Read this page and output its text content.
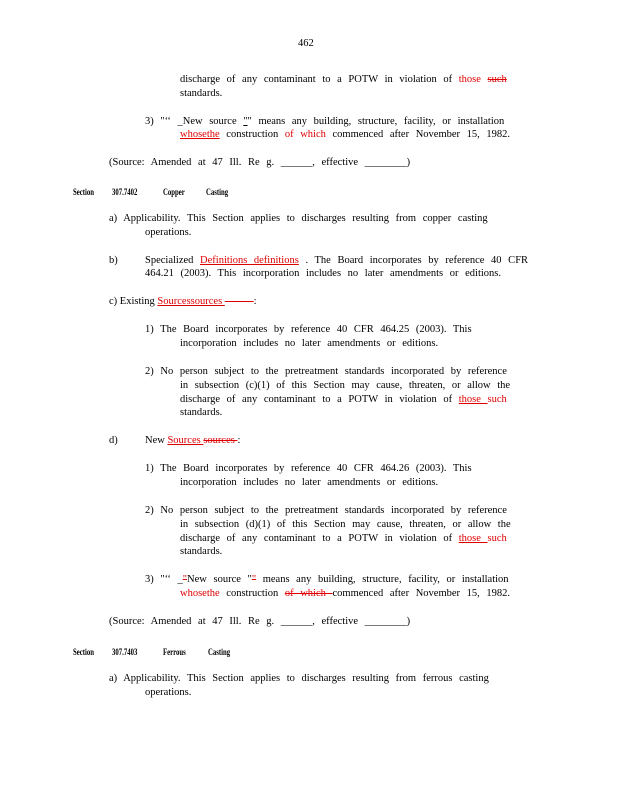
462
discharge of any contaminant to a POTW in violation of those such
standards.
3) "‘‘ _New source "" means any building, structure, facility, or installation
whosethe construction of which commenced after November 15, 1982.
(Source: Amended at 47 Ill. Re g. ______, effective ________)
Section 307.7402	Copper Casting
a) Applicability. This Section applies to discharges resulting from copper casting
operations.
b)	Specialized Definitions definitions . The Board incorporates by reference 40 CFR
464.21 (2003). This incorporation includes no later amendments or editions.
c) Existing Sourcessources	:
1) The Board incorporates by reference 40 CFR 464.25 (2003). This
incorporation includes no later amendments or editions.
2) No person subject to the pretreatment standards incorporated by reference
in subsection (c)(1) of this Section may cause, threaten, or allow the
discharge of any contaminant to a POTW in violation of those such
standards.
d)	New Sources sources :
1) The Board incorporates by reference 40 CFR 464.26 (2003). This
incorporation includes no later amendments or editions.
2) No person subject to the pretreatment standards incorporated by reference
in subsection (d)(1) of this Section may cause, threaten, or allow the
discharge of any contaminant to a POTW in violation of those such
standards.
3) "‘‘ _"New source "" means any building, structure, facility, or installation
whosethe construction of which commenced after November 15, 1982.
(Source: Amended at 47 Ill. Re g. ______, effective ________)
Section 307.7403	Ferrous Casting
a) Applicability. This Section applies to discharges resulting from ferrous casting
operations.
